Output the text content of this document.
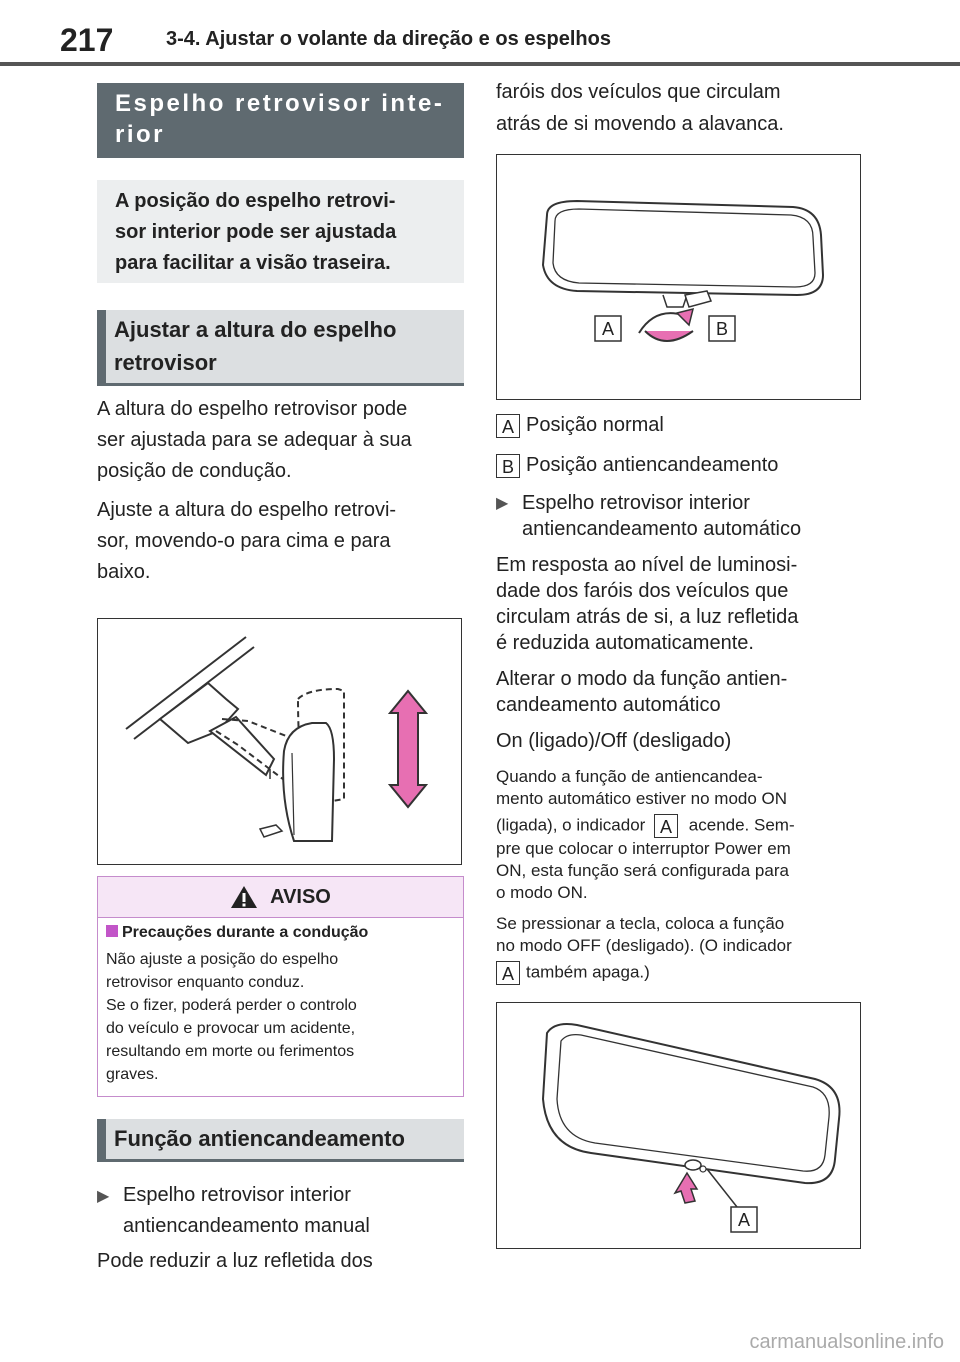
217	3-4. Ajustar o volante da direção e os espelhos
Espelho retrovisor inte-
rior
A posição do espelho retrovi-
sor interior pode ser ajustada
para facilitar a visão traseira.
Ajustar a altura do espelho
retrovisor

A altura do espelho retrovisor pode
ser ajustada para se adequar à sua
posição de condução.

Ajuste a altura do espelho retrovi-
sor, movendo-o para cima e para
baixo.

AVISO
Precauções durante a condução
Não ajuste a posição do espelho
retrovisor enquanto conduz.
Se o fizer, poderá perder o controlo
do veículo e provocar um acidente,
resultando em morte ou ferimentos
graves.
Função antiencandeamento
▶ Espelho retrovisor interior
antiencandeamento manual

Pode reduzir a luz refletida dos

faróis dos veículos que circulam
atrás de si movendo a alavanca.

A	B
A Posição normal
B Posição antiencandeamento
▶ Espelho retrovisor interior
antiencandeamento automático

Em resposta ao nível de luminosi-
dade dos faróis dos veículos que
circulam atrás de si, a luz refletida
é reduzida automaticamente.

Alterar o modo da função antien-
candeamento automático

On (ligado)/Off (desligado)

Quando a função de antiencandea-
mento automático estiver no modo ON

(ligada), o indicador A acende. Sem-

pre que colocar o interruptor Power em
ON, esta função será configurada para
o modo ON.

Se pressionar a tecla, coloca a função
no modo OFF (desligado). (O indicador

A também apaga.)

A
carmanualsonline.info
